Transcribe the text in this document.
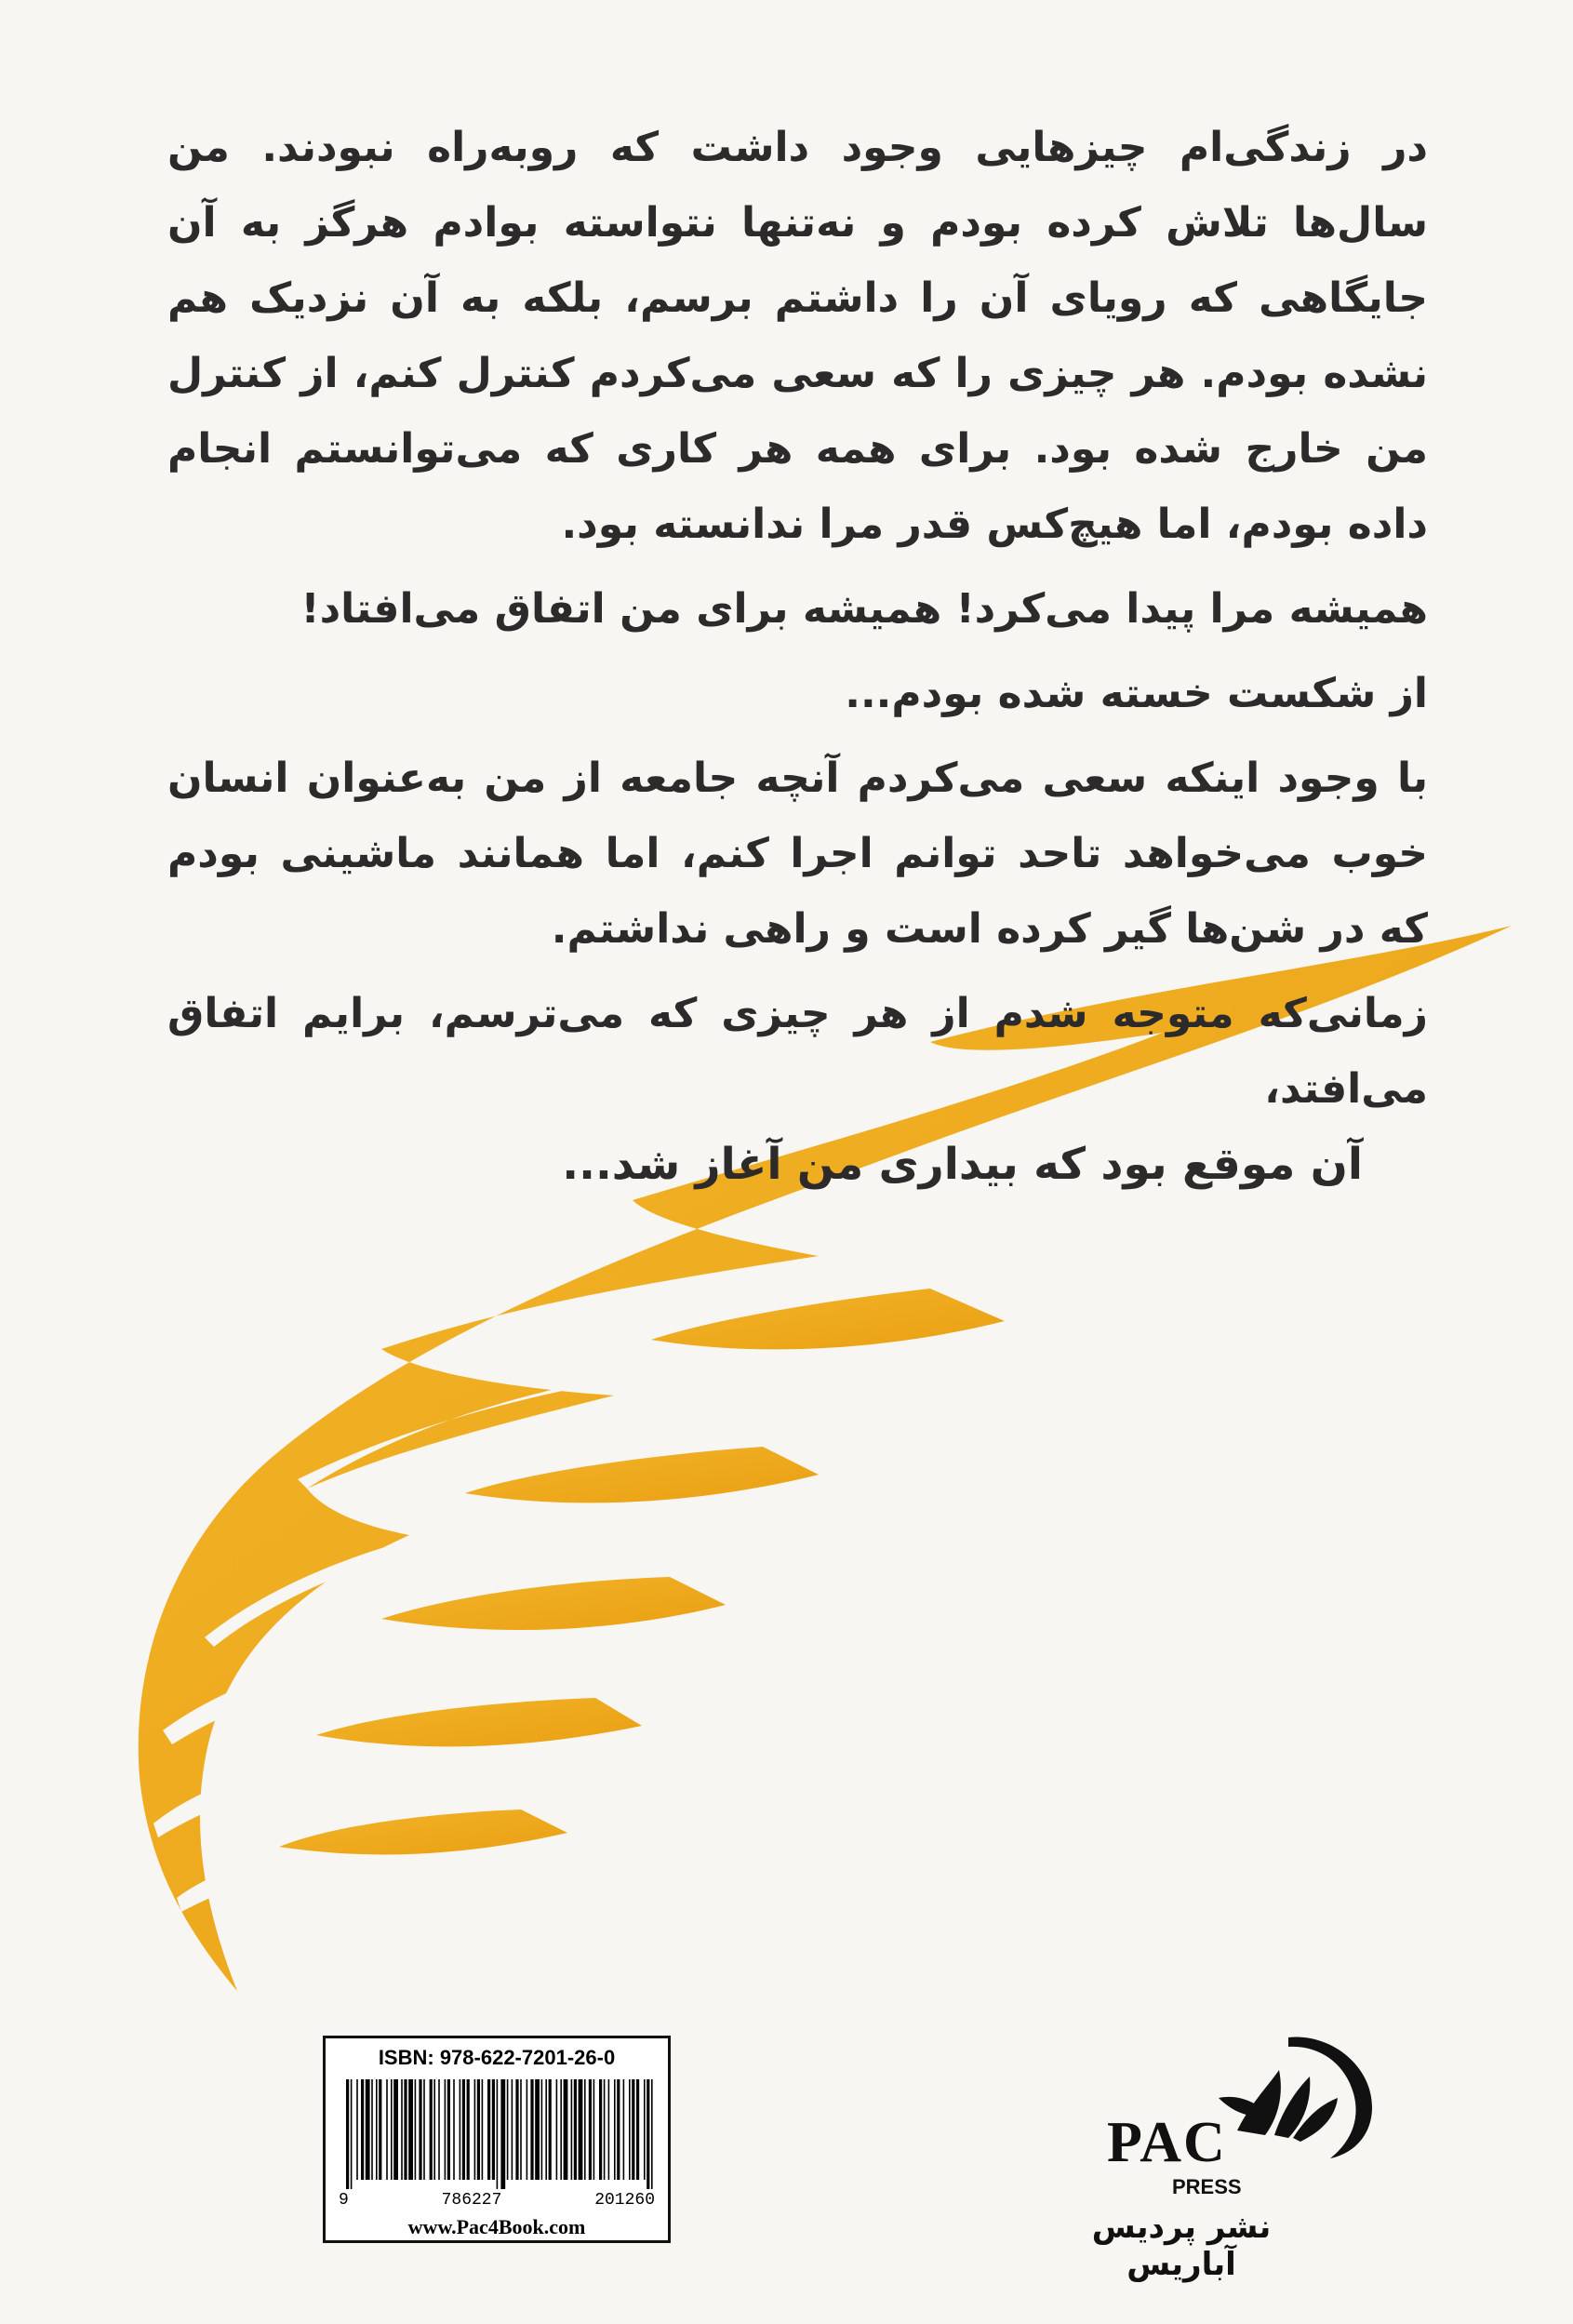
در زندگی‌ام چیزهایی وجود داشت که روبه‌راه نبودند. من سال‌ها تلاش کرده بودم و نه‌تنها نتواسته بوادم هرگز به آن جایگاهی که رویای آن را داشتم برسم، بلکه به آن نزدیک هم نشده بودم. هر چیزی را که سعی می‌کردم کنترل کنم، از کنترل من خارج شده بود. برای همه هر کاری که می‌توانستم انجام داده بودم، اما هیچ‌کس قدر مرا ندانسته بود.

همیشه مرا پیدا می‌کرد! همیشه برای من اتفاق می‌افتاد!

از شکست خسته شده بودم...

با وجود اینکه سعی می‌کردم آنچه جامعه از من به‌عنوان انسان خوب می‌خواهد تاحد توانم اجرا کنم، اما همانند ماشینی بودم که در شن‌ها گیر کرده است و راهی نداشتم.

زمانی‌که متوجه شدم از هر چیزی که می‌ترسم، برایم اتفاق می‌افتد،

آن موقع بود که بیداری من آغاز شد...

ISBN: 978-622-7201-26-0
9	786227	201260
www.Pac4Book.com
PAC
PRESS
نشر پردیس آباریس
